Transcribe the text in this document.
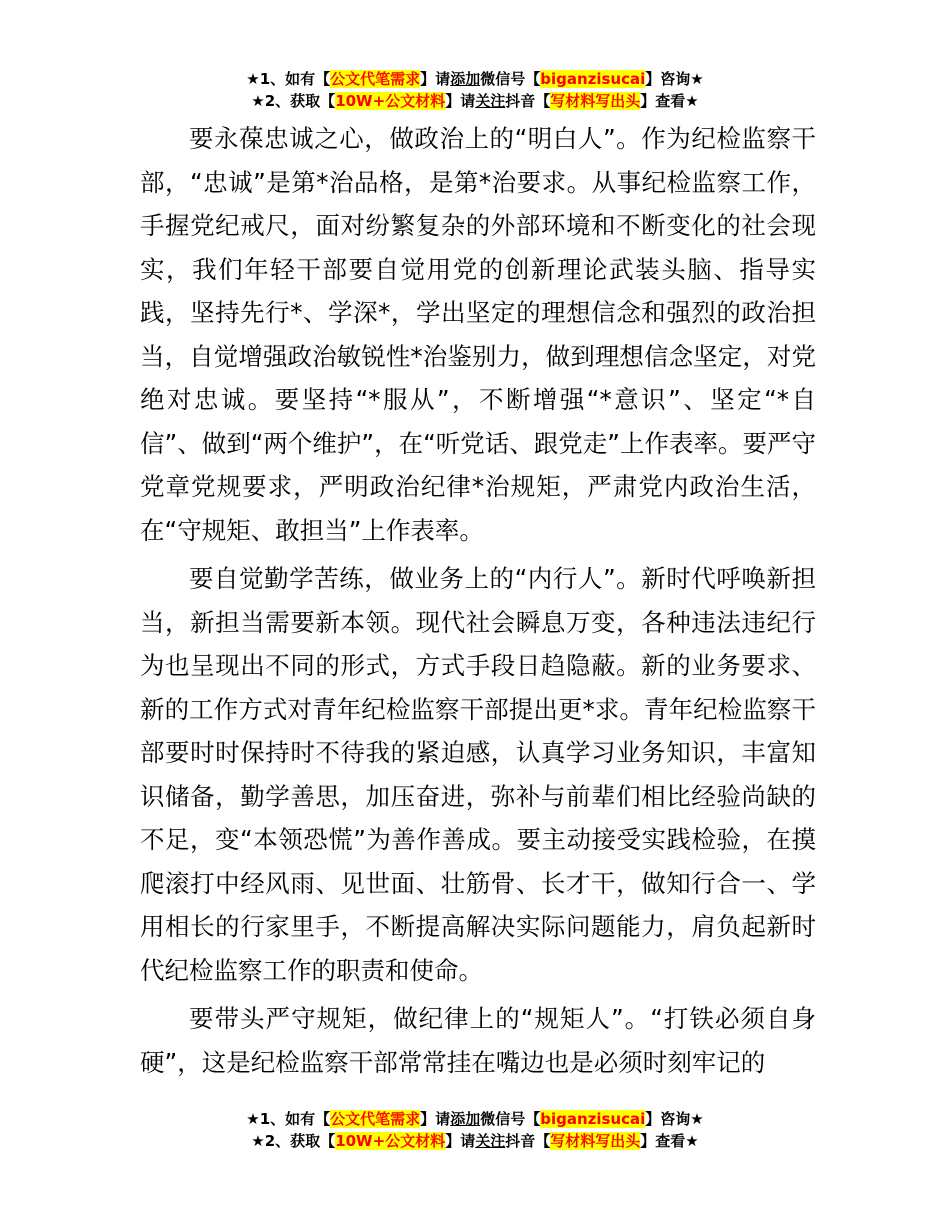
★1、如有【公文代笔需求】请添加微信号【biganzisucai】咨询★
★2、获取【10W+公文材料】请关注抖音【写材料写出头】查看★

要永葆忠诚之心，做政治上的“明白人”。作为纪检监察干部，“忠诚”是第*治品格，是第*治要求。从事纪检监察工作，手握党纪戒尺，面对纷繁复杂的外部环境和不断变化的社会现实，我们年轻干部要自觉用党的创新理论武装头脑、指导实践，坚持先行*、学深*，学出坚定的理想信念和强烈的政治担当，自觉增强政治敏锐性*治鉴别力，做到理想信念坚定，对党绝对忠诚。要坚持“*服从”，不断增强“*意识”、坚定“*自信”、做到“两个维护”，在“听党话、跟党走”上作表率。要严守党章党规要求，严明政治纪律*治规矩，严肃党内政治生活，在“守规矩、敢担当”上作表率。

要自觉勤学苦练，做业务上的“内行人”。新时代呼唤新担当，新担当需要新本领。现代社会瞬息万变，各种违法违纪行为也呈现出不同的形式，方式手段日趋隐蔽。新的业务要求、新的工作方式对青年纪检监察干部提出更*求。青年纪检监察干部要时时保持时不待我的紧迫感，认真学习业务知识，丰富知识储备，勤学善思，加压奋进，弥补与前辈们相比经验尚缺的不足，变“本领恐慌”为善作善成。要主动接受实践检验，在摸爬滚打中经风雨、见世面、壮筋骨、长才干，做知行合一、学用相长的行家里手，不断提高解决实际问题能力，肩负起新时代纪检监察工作的职责和使命。

要带头严守规矩，做纪律上的“规矩人”。“打铁必须自身硬”，这是纪检监察干部常常挂在嘴边也是必须时刻牢记的

★1、如有【公文代笔需求】请添加微信号【biganzisucai】咨询★
★2、获取【10W+公文材料】请关注抖音【写材料写出头】查看★
